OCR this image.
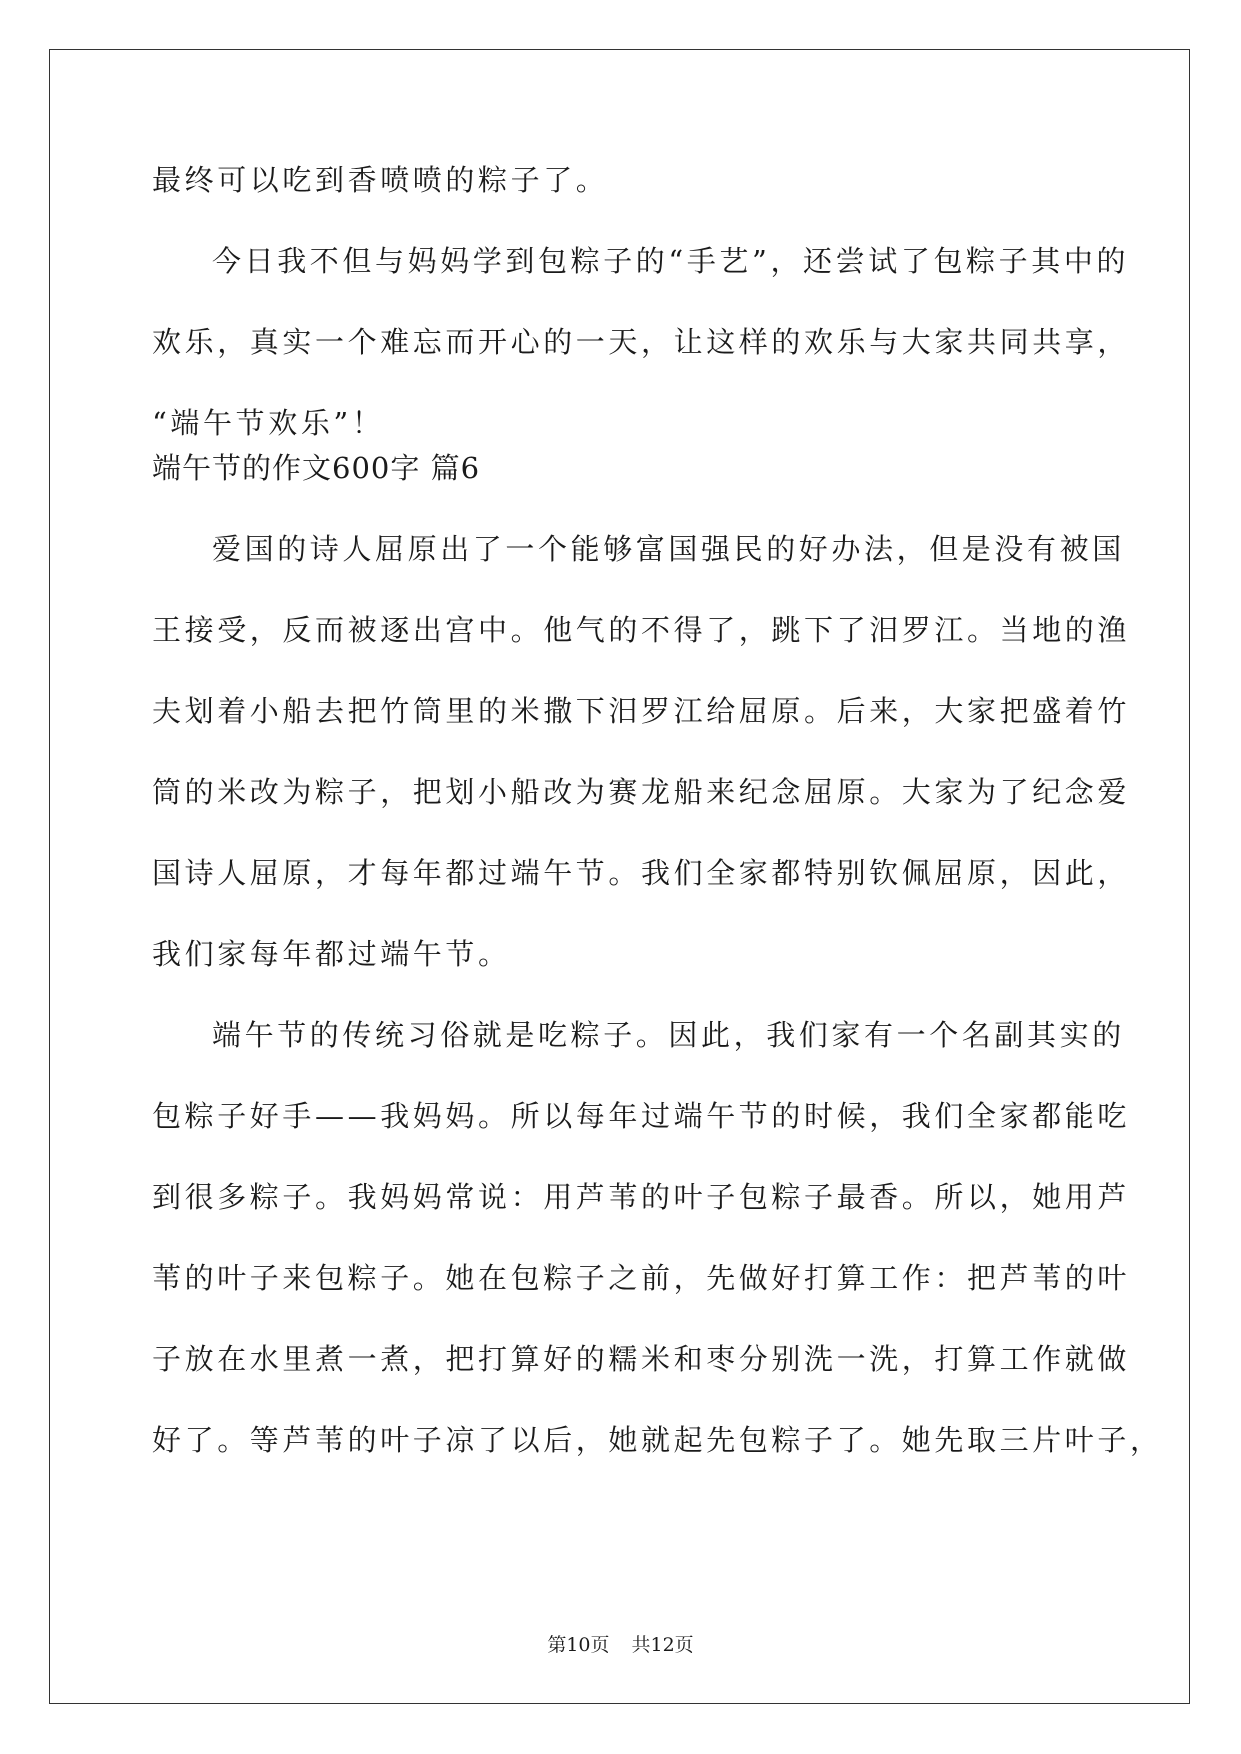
最终可以吃到香喷喷的粽子了。
今日我不但与妈妈学到包粽子的“手艺”，还尝试了包粽子其中的
欢乐，真实一个难忘而开心的一天，让这样的欢乐与大家共同共享，
“端午节欢乐”！
端午节的作文600字 篇6
爱国的诗人屈原出了一个能够富国强民的好办法，但是没有被国
王接受，反而被逐出宫中。他气的不得了，跳下了汨罗江。当地的渔
夫划着小船去把竹筒里的米撒下汨罗江给屈原。后来，大家把盛着竹
筒的米改为粽子，把划小船改为赛龙船来纪念屈原。大家为了纪念爱
国诗人屈原，才每年都过端午节。我们全家都特别钦佩屈原，因此，
我们家每年都过端午节。
端午节的传统习俗就是吃粽子。因此，我们家有一个名副其实的
包粽子好手——我妈妈。所以每年过端午节的时候，我们全家都能吃
到很多粽子。我妈妈常说：用芦苇的叶子包粽子最香。所以，她用芦
苇的叶子来包粽子。她在包粽子之前，先做好打算工作：把芦苇的叶
子放在水里煮一煮，把打算好的糯米和枣分别洗一洗，打算工作就做
好了。等芦苇的叶子凉了以后，她就起先包粽子了。她先取三片叶子，
第10页 共12页
